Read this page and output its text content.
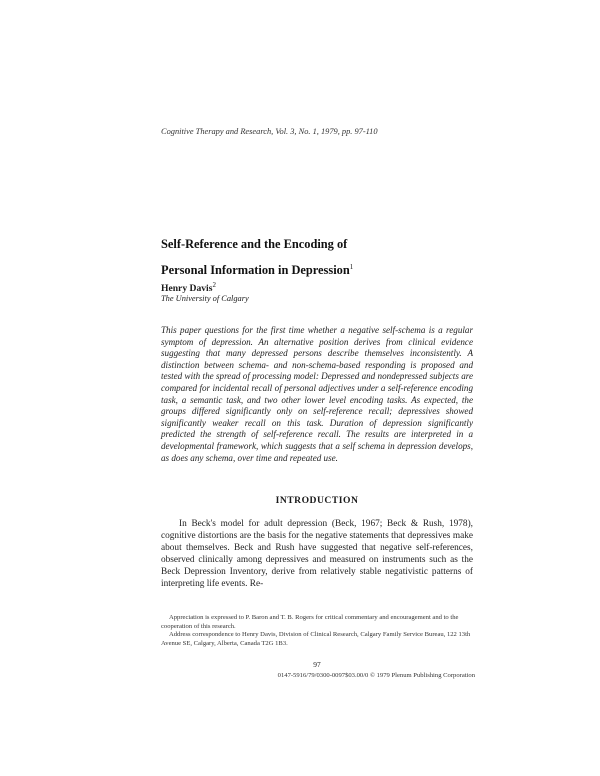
Cognitive Therapy and Research, Vol. 3, No. 1, 1979, pp. 97-110
Self-Reference and the Encoding of
Personal Information in Depression$^1$
Henry Davis$^2$
The University of Calgary
This paper questions for the first time whether a negative self-schema is a regular symptom of depression. An alternative position derives from clinical evidence suggesting that many depressed persons describe themselves inconsistently. A distinction between schema- and non-schema-based responding is proposed and tested with the spread of processing model: Depressed and nondepressed subjects are compared for incidental recall of personal adjectives under a self-reference encoding task, a semantic task, and two other lower level encoding tasks. As expected, the groups differed significantly only on self-reference recall; depressives showed significantly weaker recall on this task. Duration of depression significantly predicted the strength of self-reference recall. The results are interpreted in a developmental framework, which suggests that a self schema in depression develops, as does any schema, over time and repeated use.
INTRODUCTION
In Beck's model for adult depression (Beck, 1967; Beck & Rush, 1978), cognitive distortions are the basis for the negative statements that depressives make about themselves. Beck and Rush have suggested that negative self-references, observed clinically among depressives and measured on instruments such as the Beck Depression Inventory, derive from relatively stable negativistic patterns of interpreting life events. Re-

Appreciation is expressed to P. Baron and T. B. Rogers for critical commentary and encouragement and to the cooperation of this research.

Address correspondence to Henry Davis, Division of Clinical Research, Calgary Family Service Bureau, 122 13th Avenue SE, Calgary, Alberta, Canada T2G 1B3.

97
0147-5916/79/0300-0097$03.00/0 © 1979 Plenum Publishing Corporation
